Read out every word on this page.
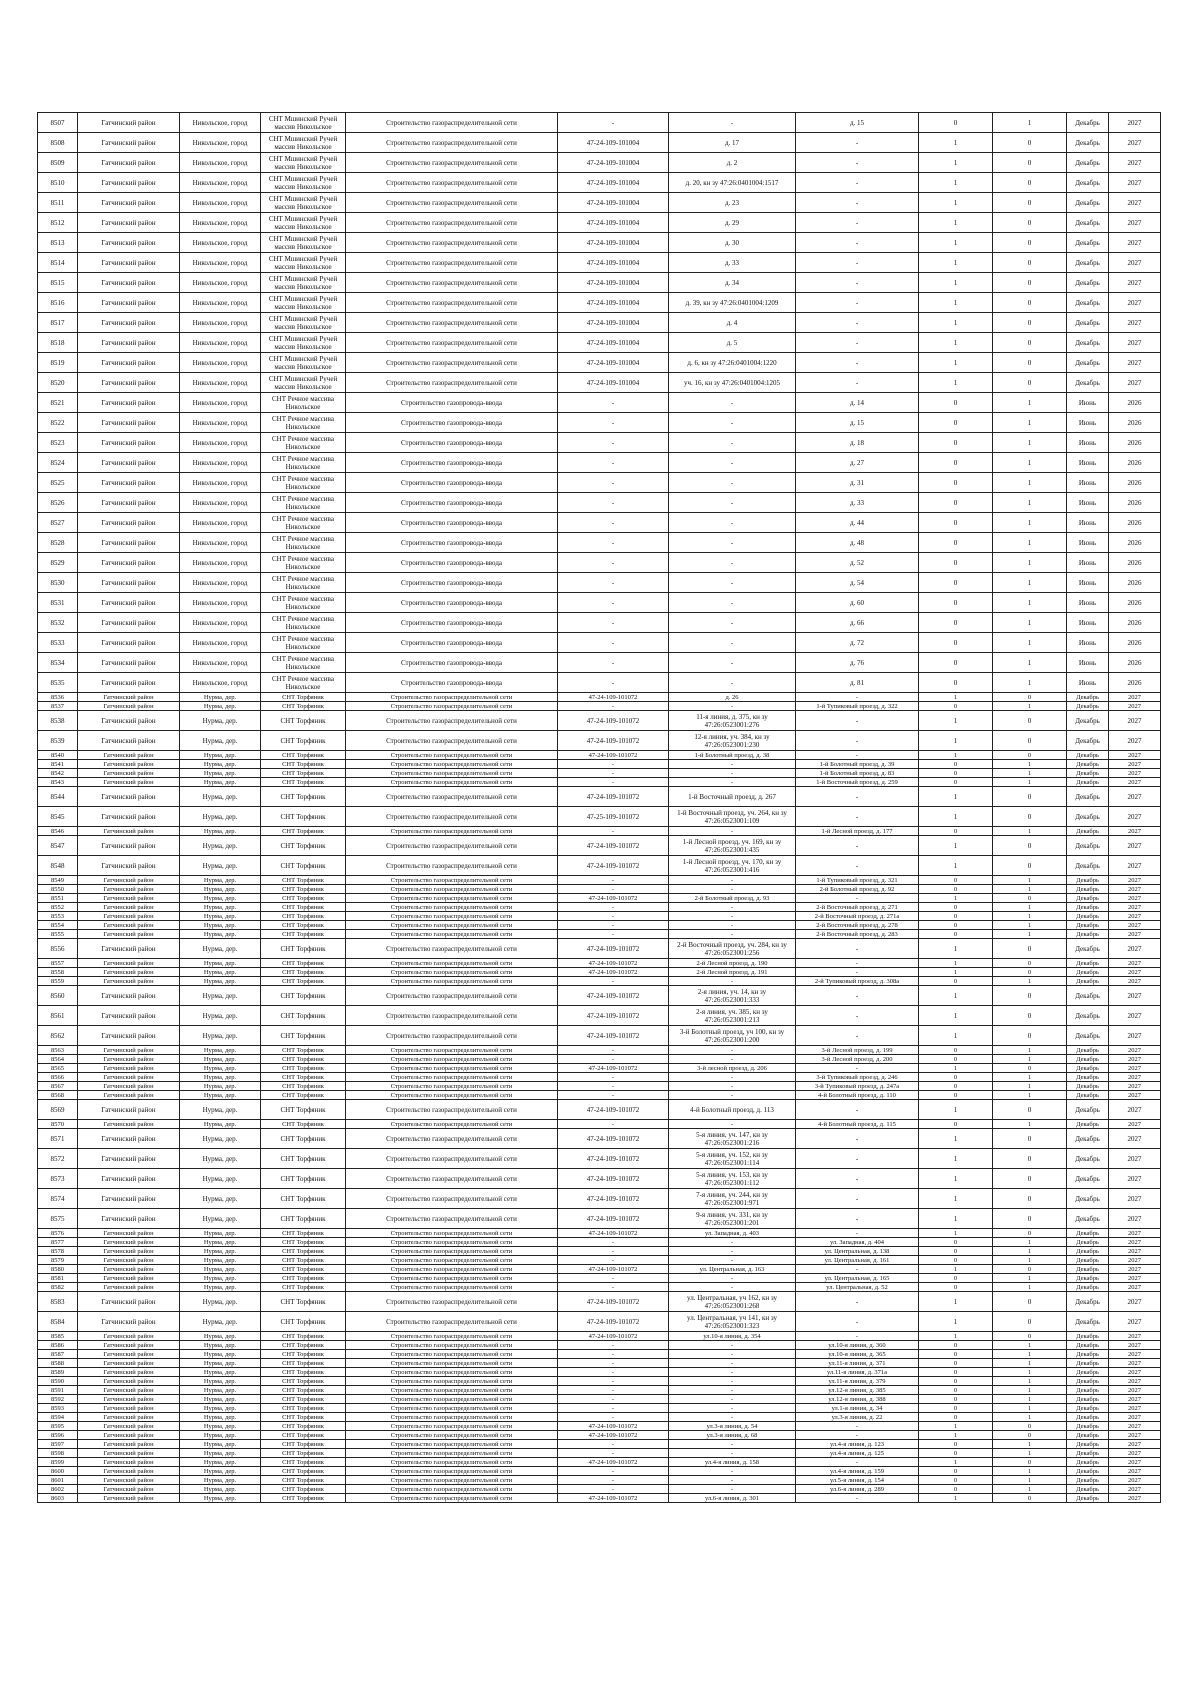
8507	Гатчинский район	Никольское, город	СНТ Мшинский Ручей массив Никольское	Строительство газораспределительной сети	-	-	д. 15	0	1	Декабрь	2027
8508	Гатчинский район	Никольское, город	СНТ Мшинский Ручей массив Никольское	Строительство газораспределительной сети	47-24-109-101004	д. 17	-	1	0	Декабрь	2027
8509	Гатчинский район	Никольское, город	СНТ Мшинский Ручей массив Никольское	Строительство газораспределительной сети	47-24-109-101004	д. 2	-	1	0	Декабрь	2027
8510	Гатчинский район	Никольское, город	СНТ Мшинский Ручей массив Никольское	Строительство газораспределительной сети	47-24-109-101004	д. 20, кн зу 47:26:0401004:1517	-	1	0	Декабрь	2027
8511	Гатчинский район	Никольское, город	СНТ Мшинский Ручей массив Никольское	Строительство газораспределительной сети	47-24-109-101004	д. 23	-	1	0	Декабрь	2027
8512	Гатчинский район	Никольское, город	СНТ Мшинский Ручей массив Никольское	Строительство газораспределительной сети	47-24-109-101004	д. 29	-	1	0	Декабрь	2027
8513	Гатчинский район	Никольское, город	СНТ Мшинский Ручей массив Никольское	Строительство газораспределительной сети	47-24-109-101004	д. 30	-	1	0	Декабрь	2027
8514	Гатчинский район	Никольское, город	СНТ Мшинский Ручей массив Никольское	Строительство газораспределительной сети	47-24-109-101004	д. 33	-	1	0	Декабрь	2027
8515	Гатчинский район	Никольское, город	СНТ Мшинский Ручей массив Никольское	Строительство газораспределительной сети	47-24-109-101004	д. 34	-	1	0	Декабрь	2027
8516	Гатчинский район	Никольское, город	СНТ Мшинский Ручей массив Никольское	Строительство газораспределительной сети	47-24-109-101004	д. 39, кн зу 47:26:0401004:1209	-	1	0	Декабрь	2027
8517	Гатчинский район	Никольское, город	СНТ Мшинский Ручей массив Никольское	Строительство газораспределительной сети	47-24-109-101004	д. 4	-	1	0	Декабрь	2027
8518	Гатчинский район	Никольское, город	СНТ Мшинский Ручей массив Никольское	Строительство газораспределительной сети	47-24-109-101004	д. 5	-	1	0	Декабрь	2027
8519	Гатчинский район	Никольское, город	СНТ Мшинский Ручей массив Никольское	Строительство газораспределительной сети	47-24-109-101004	д. 6, кн зу 47:26:0401004:1220	-	1	0	Декабрь	2027
8520	Гатчинский район	Никольское, город	СНТ Мшинский Ручей массив Никольское	Строительство газораспределительной сети	47-24-109-101004	уч. 16, кн зу 47:26:0401004:1205	-	1	0	Декабрь	2027
8521	Гатчинский район	Никольское, город	СНТ Речное массива Никольское	Строительство газопровода-ввода	-	-	д. 14	0	1	Июнь	2026
8522	Гатчинский район	Никольское, город	СНТ Речное массива Никольское	Строительство газопровода-ввода	-	-	д. 15	0	1	Июнь	2026
8523	Гатчинский район	Никольское, город	СНТ Речное массива Никольское	Строительство газопровода-ввода	-	-	д. 18	0	1	Июнь	2026
8524	Гатчинский район	Никольское, город	СНТ Речное массива Никольское	Строительство газопровода-ввода	-	-	д. 27	0	1	Июнь	2026
8525	Гатчинский район	Никольское, город	СНТ Речное массива Никольское	Строительство газопровода-ввода	-	-	д. 31	0	1	Июнь	2026
8526	Гатчинский район	Никольское, город	СНТ Речное массива Никольское	Строительство газопровода-ввода	-	-	д. 33	0	1	Июнь	2026
8527	Гатчинский район	Никольское, город	СНТ Речное массива Никольское	Строительство газопровода-ввода	-	-	д. 44	0	1	Июнь	2026
8528	Гатчинский район	Никольское, город	СНТ Речное массива Никольское	Строительство газопровода-ввода	-	-	д. 48	0	1	Июнь	2026
8529	Гатчинский район	Никольское, город	СНТ Речное массива Никольское	Строительство газопровода-ввода	-	-	д. 52	0	1	Июнь	2026
8530	Гатчинский район	Никольское, город	СНТ Речное массива Никольское	Строительство газопровода-ввода	-	-	д. 54	0	1	Июнь	2026
8531	Гатчинский район	Никольское, город	СНТ Речное массива Никольское	Строительство газопровода-ввода	-	-	д. 60	0	1	Июнь	2026
8532	Гатчинский район	Никольское, город	СНТ Речное массива Никольское	Строительство газопровода-ввода	-	-	д. 66	0	1	Июнь	2026
8533	Гатчинский район	Никольское, город	СНТ Речное массива Никольское	Строительство газопровода-ввода	-	-	д. 72	0	1	Июнь	2026
8534	Гатчинский район	Никольское, город	СНТ Речное массива Никольское	Строительство газопровода-ввода	-	-	д. 76	0	1	Июнь	2026
8535	Гатчинский район	Никольское, город	СНТ Речное массива Никольское	Строительство газопровода-ввода	-	-	д. 81	0	1	Июнь	2026
8536	Гатчинский район	Нурма, дер.	СНТ Торфяник	Строительство газораспределительной сети	47-24-109-101072	д. 26	-	1	0	Декабрь	2027
8537	Гатчинский район	Нурма, дер.	СНТ Торфяник	Строительство газораспределительной сети	-	-	1-й Тупиковый проезд, д. 322	0	1	Декабрь	2027
8538	Гатчинский район	Нурма, дер.	СНТ Торфяник	Строительство газораспределительной сети	47-24-109-101072	11-я линия, д. 375, кн зу 47:26:0523001:276	-	1	0	Декабрь	2027
8539	Гатчинский район	Нурма, дер.	СНТ Торфяник	Строительство газораспределительной сети	47-24-109-101072	12-я линия, уч. 384, кн зу 47:26:0523001:230	-	1	0	Декабрь	2027
8540	Гатчинский район	Нурма, дер.	СНТ Торфяник	Строительство газораспределительной сети	47-24-109-101072	1-й Болотный проезд, д. 38	-	1	0	Декабрь	2027
8541	Гатчинский район	Нурма, дер.	СНТ Торфяник	Строительство газораспределительной сети	-	-	1-й Болотный проезд, д. 39	0	1	Декабрь	2027
8542	Гатчинский район	Нурма, дер.	СНТ Торфяник	Строительство газораспределительной сети	-	-	1-й Болотный проезд, д. 83	0	1	Декабрь	2027
8543	Гатчинский район	Нурма, дер.	СНТ Торфяник	Строительство газораспределительной сети	-	-	1-й Восточный проезд, д. 259	0	1	Декабрь	2027
8544	Гатчинский район	Нурма, дер.	СНТ Торфяник	Строительство газораспределительной сети	47-24-109-101072	1-й Восточный проезд, д. 267	-	1	0	Декабрь	2027
8545	Гатчинский район	Нурма, дер.	СНТ Торфяник	Строительство газораспределительной сети	47-25-109-101072	1-й Восточный проезд, уч. 264, кн зу 47:26:0523001:109	-	1	0	Декабрь	2027
8546	Гатчинский район	Нурма, дер.	СНТ Торфяник	Строительство газораспределительной сети	-	-	1-й Лесной проезд, д. 177	0	1	Декабрь	2027
8547	Гатчинский район	Нурма, дер.	СНТ Торфяник	Строительство газораспределительной сети	47-24-109-101072	1-й Лесной проезд, уч. 169, кн зу 47:26:0523001:435	-	1	0	Декабрь	2027
8548	Гатчинский район	Нурма, дер.	СНТ Торфяник	Строительство газораспределительной сети	47-24-109-101072	1-й Лесной проезд, уч. 170, кн зу 47:26:0523001:416	-	1	0	Декабрь	2027
8549	Гатчинский район	Нурма, дер.	СНТ Торфяник	Строительство газораспределительной сети	-	-	1-й Тупиковый проезд, д. 321	0	1	Декабрь	2027
8550	Гатчинский район	Нурма, дер.	СНТ Торфяник	Строительство газораспределительной сети	-	-	2-й Болотный проезд, д. 92	0	1	Декабрь	2027
8551	Гатчинский район	Нурма, дер.	СНТ Торфяник	Строительство газораспределительной сети	47-24-109-101072	2-й Болотный проезд, д. 93	-	1	0	Декабрь	2027
8552	Гатчинский район	Нурма, дер.	СНТ Торфяник	Строительство газораспределительной сети	-	-	2-й Восточный проезд, д. 271	0	1	Декабрь	2027
8553	Гатчинский район	Нурма, дер.	СНТ Торфяник	Строительство газораспределительной сети	-	-	2-й Восточный проезд, д. 271а	0	1	Декабрь	2027
8554	Гатчинский район	Нурма, дер.	СНТ Торфяник	Строительство газораспределительной сети	-	-	2-й Восточный проезд, д. 278	0	1	Декабрь	2027
8555	Гатчинский район	Нурма, дер.	СНТ Торфяник	Строительство газораспределительной сети	-	-	2-й Восточный проезд, д. 283	0	1	Декабрь	2027
8556	Гатчинский район	Нурма, дер.	СНТ Торфяник	Строительство газораспределительной сети	47-24-109-101072	2-й Восточный проезд, уч. 284, кн зу 47:26:0523001:256	-	1	0	Декабрь	2027
8557	Гатчинский район	Нурма, дер.	СНТ Торфяник	Строительство газораспределительной сети	47-24-109-101072	2-й Лесной проезд, д. 190	-	1	0	Декабрь	2027
8558	Гатчинский район	Нурма, дер.	СНТ Торфяник	Строительство газораспределительной сети	47-24-109-101072	2-й Лесной проезд, д. 191	-	1	0	Декабрь	2027
8559	Гатчинский район	Нурма, дер.	СНТ Торфяник	Строительство газораспределительной сети	-	-	2-й Тупиковый проезд, д. 308а	0	1	Декабрь	2027
8560	Гатчинский район	Нурма, дер.	СНТ Торфяник	Строительство газораспределительной сети	47-24-109-101072	2-я линия, уч. 14, кн зу 47:26:0523001:333	-	1	0	Декабрь	2027
8561	Гатчинский район	Нурма, дер.	СНТ Торфяник	Строительство газораспределительной сети	47-24-109-101072	2-я линия, уч. 385, кн зу 47:26:0523001:213	-	1	0	Декабрь	2027
8562	Гатчинский район	Нурма, дер.	СНТ Торфяник	Строительство газораспределительной сети	47-24-109-101072	3-й Болотный проезд, уч 100, кн зу 47:26:0523001:200	-	1	0	Декабрь	2027
8563	Гатчинский район	Нурма, дер.	СНТ Торфяник	Строительство газораспределительной сети	-	-	3-й Лесной проезд, д. 199	0	1	Декабрь	2027
8564	Гатчинский район	Нурма, дер.	СНТ Торфяник	Строительство газораспределительной сети	-	-	3-й Лесной проезд, д. 200	0	1	Декабрь	2027
8565	Гатчинский район	Нурма, дер.	СНТ Торфяник	Строительство газораспределительной сети	47-24-109-101072	3-й лесной проезд, д. 206	-	1	0	Декабрь	2027
8566	Гатчинский район	Нурма, дер.	СНТ Торфяник	Строительство газораспределительной сети	-	-	3-й Тупиковый проезд, д. 246	0	1	Декабрь	2027
8567	Гатчинский район	Нурма, дер.	СНТ Торфяник	Строительство газораспределительной сети	-	-	3-й Тупиковый проезд, д. 247а	0	1	Декабрь	2027
8568	Гатчинский район	Нурма, дер.	СНТ Торфяник	Строительство газораспределительной сети	-	-	4-й Болотный проезд, д. 110	0	1	Декабрь	2027
8569	Гатчинский район	Нурма, дер.	СНТ Торфяник	Строительство газораспределительной сети	47-24-109-101072	4-й Болотный проезд, д. 113	-	1	0	Декабрь	2027
8570	Гатчинский район	Нурма, дер.	СНТ Торфяник	Строительство газораспределительной сети	-	-	4-й Болотный проезд, д. 115	0	1	Декабрь	2027
8571	Гатчинский район	Нурма, дер.	СНТ Торфяник	Строительство газораспределительной сети	47-24-109-101072	5-я линия, уч. 147, кн зу 47:26:0523001:216	-	1	0	Декабрь	2027
8572	Гатчинский район	Нурма, дер.	СНТ Торфяник	Строительство газораспределительной сети	47-24-109-101072	5-я линия, уч. 152, кн зу 47:26:0523001:114	-	1	0	Декабрь	2027
8573	Гатчинский район	Нурма, дер.	СНТ Торфяник	Строительство газораспределительной сети	47-24-109-101072	5-я линия, уч. 153, кн зу 47:26:0523001:112	-	1	0	Декабрь	2027
8574	Гатчинский район	Нурма, дер.	СНТ Торфяник	Строительство газораспределительной сети	47-24-109-101072	7-я линия, уч. 244, кн зу 47:26:0523001:971	-	1	0	Декабрь	2027
8575	Гатчинский район	Нурма, дер.	СНТ Торфяник	Строительство газораспределительной сети	47-24-109-101072	9-я линия, уч. 331, кн зу 47:26:0523001:201	-	1	0	Декабрь	2027
8576	Гатчинский район	Нурма, дер.	СНТ Торфяник	Строительство газораспределительной сети	47-24-109-101072	ул. Западная, д. 403	-	1	0	Декабрь	2027
8577	Гатчинский район	Нурма, дер.	СНТ Торфяник	Строительство газораспределительной сети	-	-	ул. Западная, д. 404	0	1	Декабрь	2027
8578	Гатчинский район	Нурма, дер.	СНТ Торфяник	Строительство газораспределительной сети	-	-	ул. Центральная, д. 138	0	1	Декабрь	2027
8579	Гатчинский район	Нурма, дер.	СНТ Торфяник	Строительство газораспределительной сети	-	-	ул. Центральная, д. 161	0	1	Декабрь	2027
8580	Гатчинский район	Нурма, дер.	СНТ Торфяник	Строительство газораспределительной сети	47-24-109-101072	ул. Центральная, д. 163	-	1	0	Декабрь	2027
8581	Гатчинский район	Нурма, дер.	СНТ Торфяник	Строительство газораспределительной сети	-	-	ул. Центральная, д. 165	0	1	Декабрь	2027
8582	Гатчинский район	Нурма, дер.	СНТ Торфяник	Строительство газораспределительной сети	-	-	ул. Центральная, д. 52	0	1	Декабрь	2027
8583	Гатчинский район	Нурма, дер.	СНТ Торфяник	Строительство газораспределительной сети	47-24-109-101072	ул. Центральная, уч 162, кн зу 47:26:0523001:268	-	1	0	Декабрь	2027
8584	Гатчинский район	Нурма, дер.	СНТ Торфяник	Строительство газораспределительной сети	47-24-109-101072	ул. Центральная, уч 141, кн зу 47:26:0523001:323	-	1	0	Декабрь	2027
8585	Гатчинский район	Нурма, дер.	СНТ Торфяник	Строительство газораспределительной сети	47-24-109-101072	ул.10-я линия, д. 354	-	1	0	Декабрь	2027
8586	Гатчинский район	Нурма, дер.	СНТ Торфяник	Строительство газораспределительной сети	-	-	ул.10-я линия, д. 360	0	1	Декабрь	2027
8587	Гатчинский район	Нурма, дер.	СНТ Торфяник	Строительство газораспределительной сети	-	-	ул.10-я линия, д. 365	0	1	Декабрь	2027
8588	Гатчинский район	Нурма, дер.	СНТ Торфяник	Строительство газораспределительной сети	-	-	ул.11-я линия, д. 371	0	1	Декабрь	2027
8589	Гатчинский район	Нурма, дер.	СНТ Торфяник	Строительство газораспределительной сети	-	-	ул.11-я линия, д. 371а	0	1	Декабрь	2027
8590	Гатчинский район	Нурма, дер.	СНТ Торфяник	Строительство газораспределительной сети	-	-	ул.11-я линия, д. 379	0	1	Декабрь	2027
8591	Гатчинский район	Нурма, дер.	СНТ Торфяник	Строительство газораспределительной сети	-	-	ул.12-я линия, д. 385	0	1	Декабрь	2027
8592	Гатчинский район	Нурма, дер.	СНТ Торфяник	Строительство газораспределительной сети	-	-	ул.12-я линия, д. 388	0	1	Декабрь	2027
8593	Гатчинский район	Нурма, дер.	СНТ Торфяник	Строительство газораспределительной сети	-	-	ул.1-я линия, д. 34	0	1	Декабрь	2027
8594	Гатчинский район	Нурма, дер.	СНТ Торфяник	Строительство газораспределительной сети	-	-	ул.3-я линия, д. 22	0	1	Декабрь	2027
8595	Гатчинский район	Нурма, дер.	СНТ Торфяник	Строительство газораспределительной сети	47-24-109-101072	ул.3-я линия, д. 54	-	1	0	Декабрь	2027
8596	Гатчинский район	Нурма, дер.	СНТ Торфяник	Строительство газораспределительной сети	47-24-109-101072	ул.3-я линия, д. 68	-	1	0	Декабрь	2027
8597	Гатчинский район	Нурма, дер.	СНТ Торфяник	Строительство газораспределительной сети	-	-	ул.4-я линия, д. 123	0	1	Декабрь	2027
8598	Гатчинский район	Нурма, дер.	СНТ Торфяник	Строительство газораспределительной сети	-	-	ул.4-я линия, д. 125	0	1	Декабрь	2027
8599	Гатчинский район	Нурма, дер.	СНТ Торфяник	Строительство газораспределительной сети	47-24-109-101072	ул.4-я линия, д. 158	-	1	0	Декабрь	2027
8600	Гатчинский район	Нурма, дер.	СНТ Торфяник	Строительство газораспределительной сети	-	-	ул.4-я линия, д. 159	0	1	Декабрь	2027
8601	Гатчинский район	Нурма, дер.	СНТ Торфяник	Строительство газораспределительной сети	-	-	ул.5-я линия, д. 154	0	1	Декабрь	2027
8602	Гатчинский район	Нурма, дер.	СНТ Торфяник	Строительство газораспределительной сети	-	-	ул.6-я линия, д. 289	0	1	Декабрь	2027
8603	Гатчинский район	Нурма, дер.	СНТ Торфяник	Строительство газораспределительной сети	47-24-109-101072	ул.6-я линия, д. 301	-	1	0	Декабрь	2027
